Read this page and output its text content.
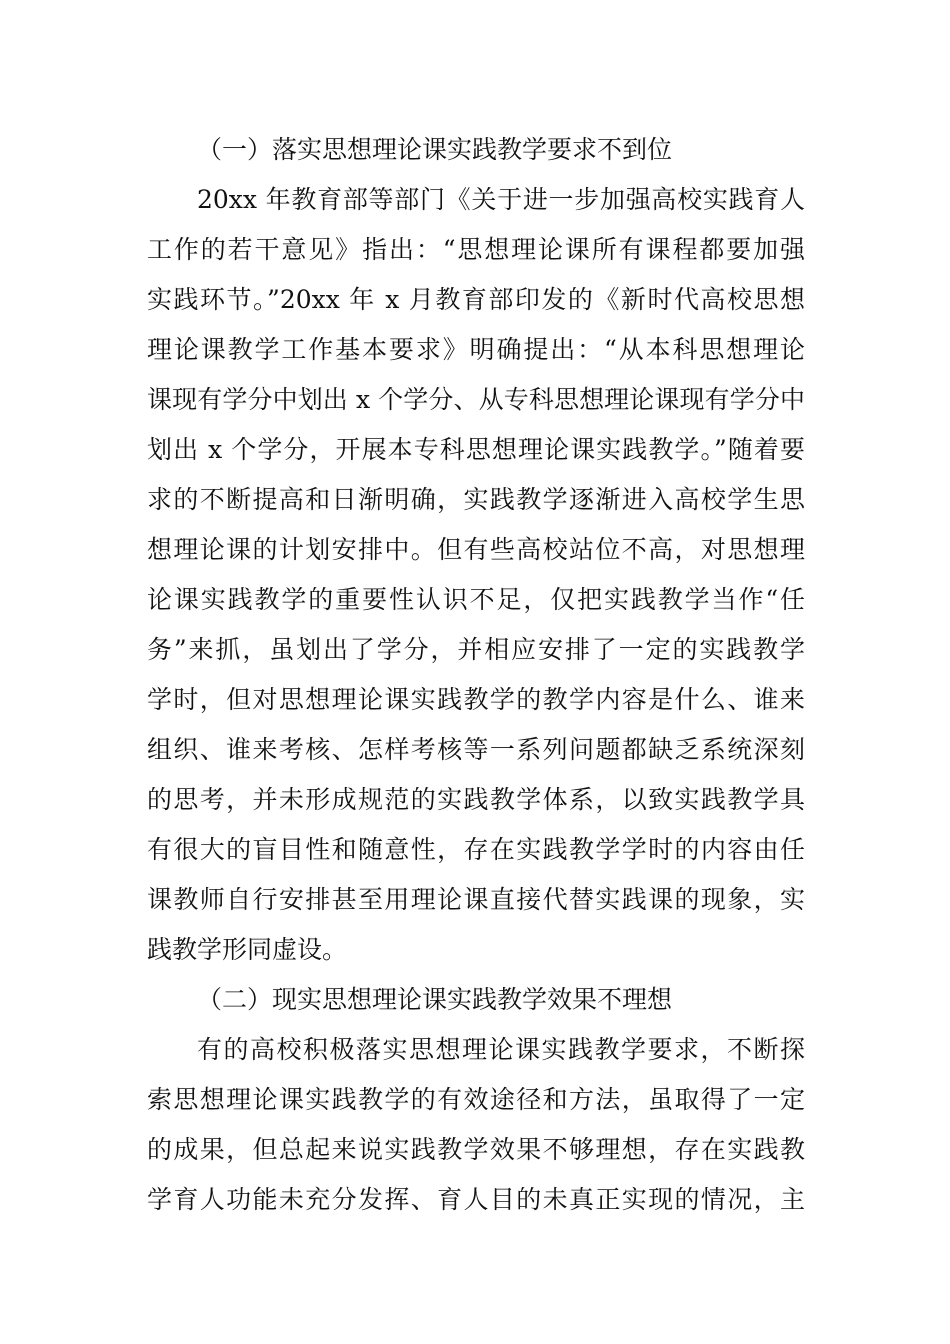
（一）落实思想理论课实践教学要求不到位
20xx 年教育部等部门《关于进一步加强高校实践育人
工作的若干意见》指出：“思想理论课所有课程都要加强
实践环节。”20xx 年 x 月教育部印发的《新时代高校思想
理论课教学工作基本要求》明确提出：“从本科思想理论
课现有学分中划出 x 个学分、从专科思想理论课现有学分中
划出 x 个学分，开展本专科思想理论课实践教学。”随着要
求的不断提高和日渐明确，实践教学逐渐进入高校学生思
想理论课的计划安排中。但有些高校站位不高，对思想理
论课实践教学的重要性认识不足，仅把实践教学当作“任
务”来抓，虽划出了学分，并相应安排了一定的实践教学
学时，但对思想理论课实践教学的教学内容是什么、谁来
组织、谁来考核、怎样考核等一系列问题都缺乏系统深刻
的思考，并未形成规范的实践教学体系，以致实践教学具
有很大的盲目性和随意性，存在实践教学学时的内容由任
课教师自行安排甚至用理论课直接代替实践课的现象，实
践教学形同虚设。
（二）现实思想理论课实践教学效果不理想
有的高校积极落实思想理论课实践教学要求，不断探
索思想理论课实践教学的有效途径和方法，虽取得了一定
的成果，但总起来说实践教学效果不够理想，存在实践教
学育人功能未充分发挥、育人目的未真正实现的情况，主
